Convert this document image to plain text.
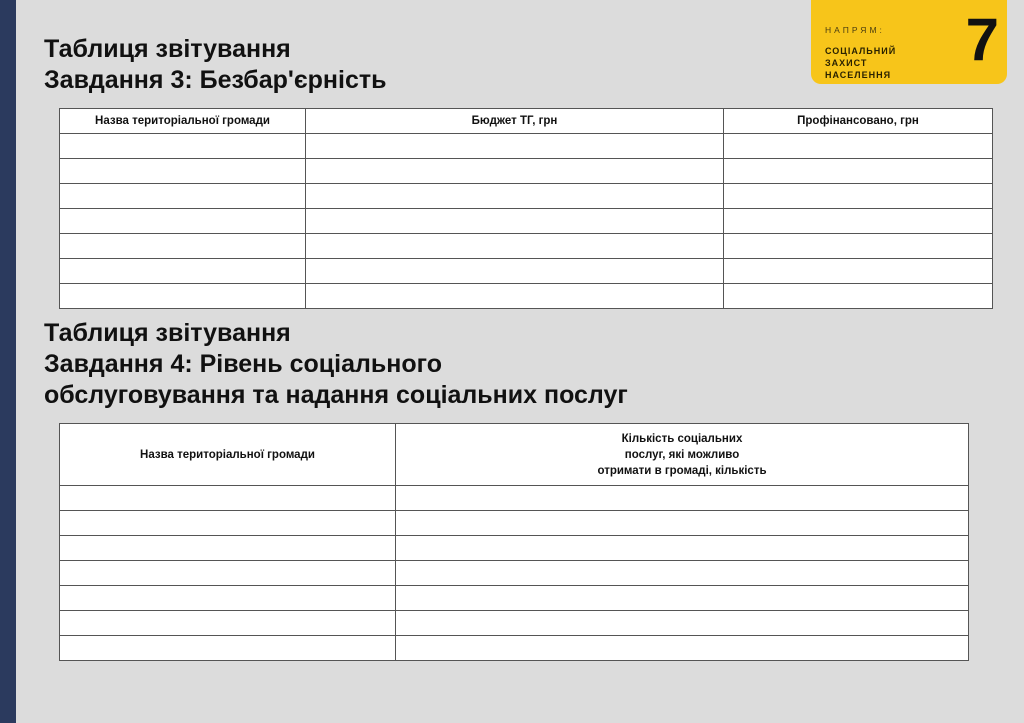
НАПРЯМ:
СОЦІАЛЬНИЙ ЗАХИСТ НАСЕЛЕННЯ
7
Таблиця звітування
Завдання 3: Безбар'єрність
Назва територіальної громади	Бюджет ТГ, грн	Профінансовано, грн

Таблиця звітування
Завдання 4: Рівень соціального
обслуговування та надання соціальних послуг
Назва територіальної громади	Кількість соціальних
послуг, які можливо
отримати в громаді, кількість
